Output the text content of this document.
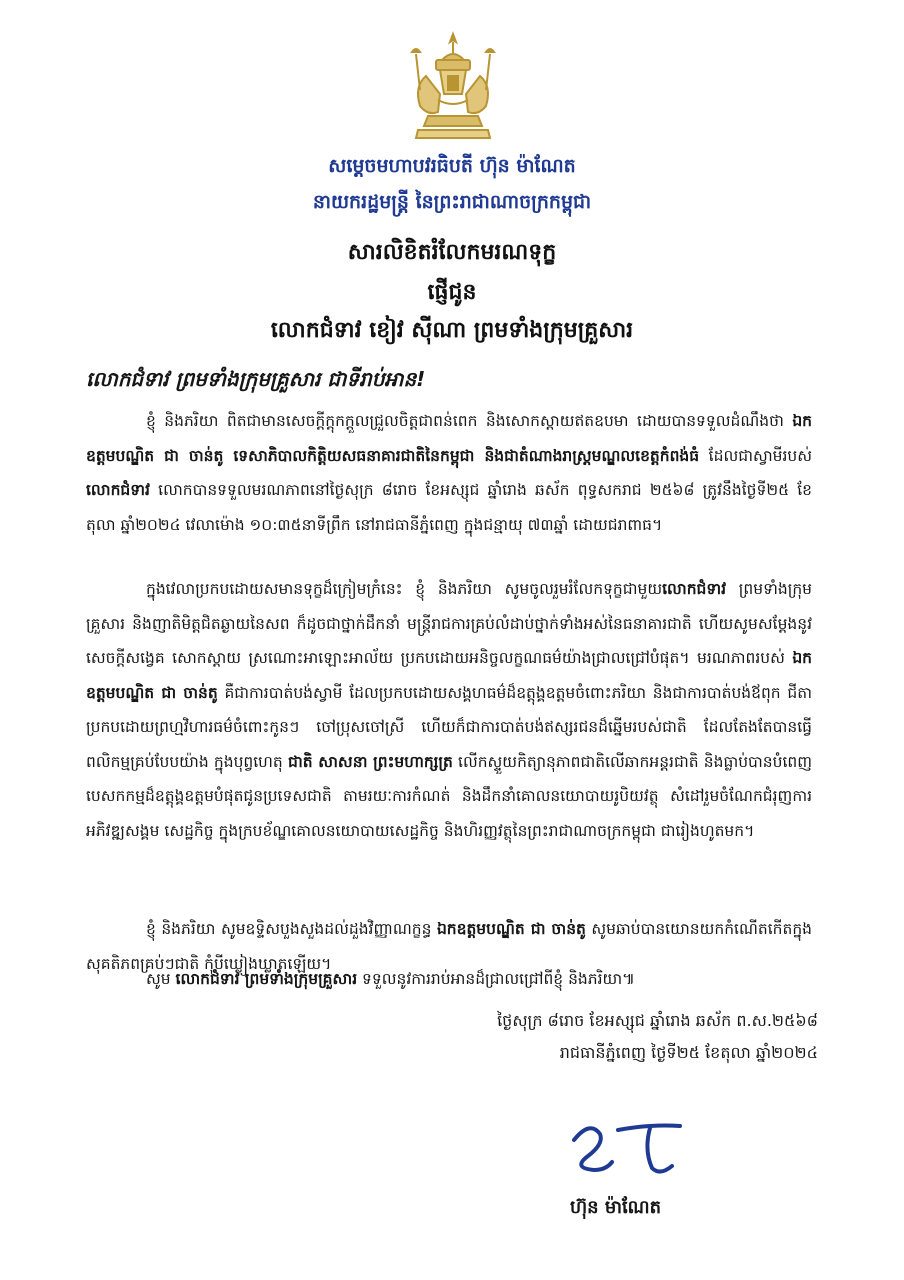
សម្ដេចមហាបវរធិបតី ហ៊ុន ម៉ាណែត
នាយករដ្ឋមន្ត្រី នៃព្រះរាជាណាចក្រកម្ពុជា
សារលិខិតរំលែកមរណទុក្ខ
ផ្ញើជូន
លោកជំទាវ ខៀវ ស៊ីណា ព្រមទាំងក្រុមគ្រួសារ
លោកជំទាវ ព្រមទាំងក្រុមគ្រួសារ ជាទីរាប់អាន!

ខ្ញុំ និងភរិយា ពិតជាមានសេចក្ដីក្ដុកក្ដួលជ្រួលចិត្តជាពន់ពេក និងសោកស្ដាយឥតឧបមា ដោយបានទទួលដំណឹងថា ឯកឧត្តមបណ្ឌិត ជា ចាន់តូ ទេសាភិបាលកិត្តិយសធនាគារជាតិនៃកម្ពុជា និងជាតំណាងរាស្ត្រមណ្ឌលខេត្តកំពង់ធំ ដែលជាស្វាមីរបស់ លោកជំទាវ លោកបានទទួលមរណភាពនៅថ្ងៃសុក្រ ៨រោច ខែអស្សុជ ឆ្នាំរោង ឆស័ក ពុទ្ធសករាជ ២៥៦៨ ត្រូវនឹងថ្ងៃទី២៥ ខែតុលា ឆ្នាំ២០២៤ វេលាម៉ោង ១០:៣៥នាទីព្រឹក នៅរាជធានីភ្នំពេញ ក្នុងជន្មាយុ ៧៣ឆ្នាំ ដោយជរាពាធ។

ក្នុងវេលាប្រកបដោយសមានទុក្ខដ៏ក្រៀមក្រំនេះ ខ្ញុំ និងភរិយា សូមចូលរួមរំលែកទុក្ខជាមួយលោកជំទាវ ព្រមទាំងក្រុមគ្រួសារ និងញាតិមិត្តជិតឆ្ងាយនៃសព ក៏ដូចជាថ្នាក់ដឹកនាំ មន្ត្រីរាជការគ្រប់លំដាប់ថ្នាក់ទាំងអស់នៃធនាគារជាតិ ហើយសូមសម្ដែងនូវសេចក្ដីសង្វេគ សោកស្ដាយ ស្រណោះអាឡោះអាល័យ ប្រកបដោយអនិច្ចលក្ខណធម៌យ៉ាងជ្រាលជ្រៅបំផុត។ មរណភាពរបស់ ឯកឧត្តមបណ្ឌិត ជា ចាន់តូ គឺជាការបាត់បង់ស្វាមី ដែលប្រកបដោយសង្គហធម៌ដ៏ឧត្តុង្គឧត្តមចំពោះភរិយា និងជាការបាត់បង់ឪពុក ជីតា ប្រកបដោយព្រហ្មវិហារធម៌ចំពោះកូនៗ ចៅប្រុសចៅស្រី ហើយក៏ជាការបាត់បង់ឥស្សរជនដ៏ឆ្នើមរបស់ជាតិ ដែលតែងតែបានធ្វើពលិកម្មគ្រប់បែបយ៉ាង ក្នុងបុព្វហេតុ ជាតិ សាសនា ព្រះមហាក្សត្រ លើកស្ទួយកិត្យានុភាពជាតិលើឆាកអន្តរជាតិ និងធ្លាប់បានបំពេញបេសកកម្មដ៏ឧត្តុង្គឧត្តមបំផុតជូនប្រទេសជាតិ តាមរយៈការកំណត់ និងដឹកនាំគោលនយោបាយរូបិយវត្ថុ សំដៅរួមចំណែកជំរុញការអភិវឌ្ឍសង្គម សេដ្ឋកិច្ច ក្នុងក្របខ័ណ្ឌគោលនយោបាយសេដ្ឋកិច្ច និងហិរញ្ញវត្ថុនៃព្រះរាជាណាចក្រកម្ពុជា ជារៀងហូតមក។

ខ្ញុំ និងភរិយា សូមឧទ្ទិសបួងសួងដល់ដួងវិញ្ញាណក្ខន្ធ ឯកឧត្តមបណ្ឌិត ជា ចាន់តូ សូមឆាប់បានយោនយកកំណើតកើតក្នុងសុគតិភពគ្រប់ៗជាតិ កុំបីឃ្លៀងឃ្លាតឡើយ។

សូម លោកជំទាវ ព្រមទាំងក្រុមគ្រួសារ ទទួលនូវការរាប់អានដ៏ជ្រាលជ្រៅពីខ្ញុំ និងភរិយា៕
ថ្ងៃសុក្រ ៨រោច ខែអស្សុជ ឆ្នាំរោង ឆស័ក ព.ស.២៥៦៨
រាជធានីភ្នំពេញ ថ្ងៃទី២៥ ខែតុលា ឆ្នាំ២០២៤
ហ៊ុន ម៉ាណែត
